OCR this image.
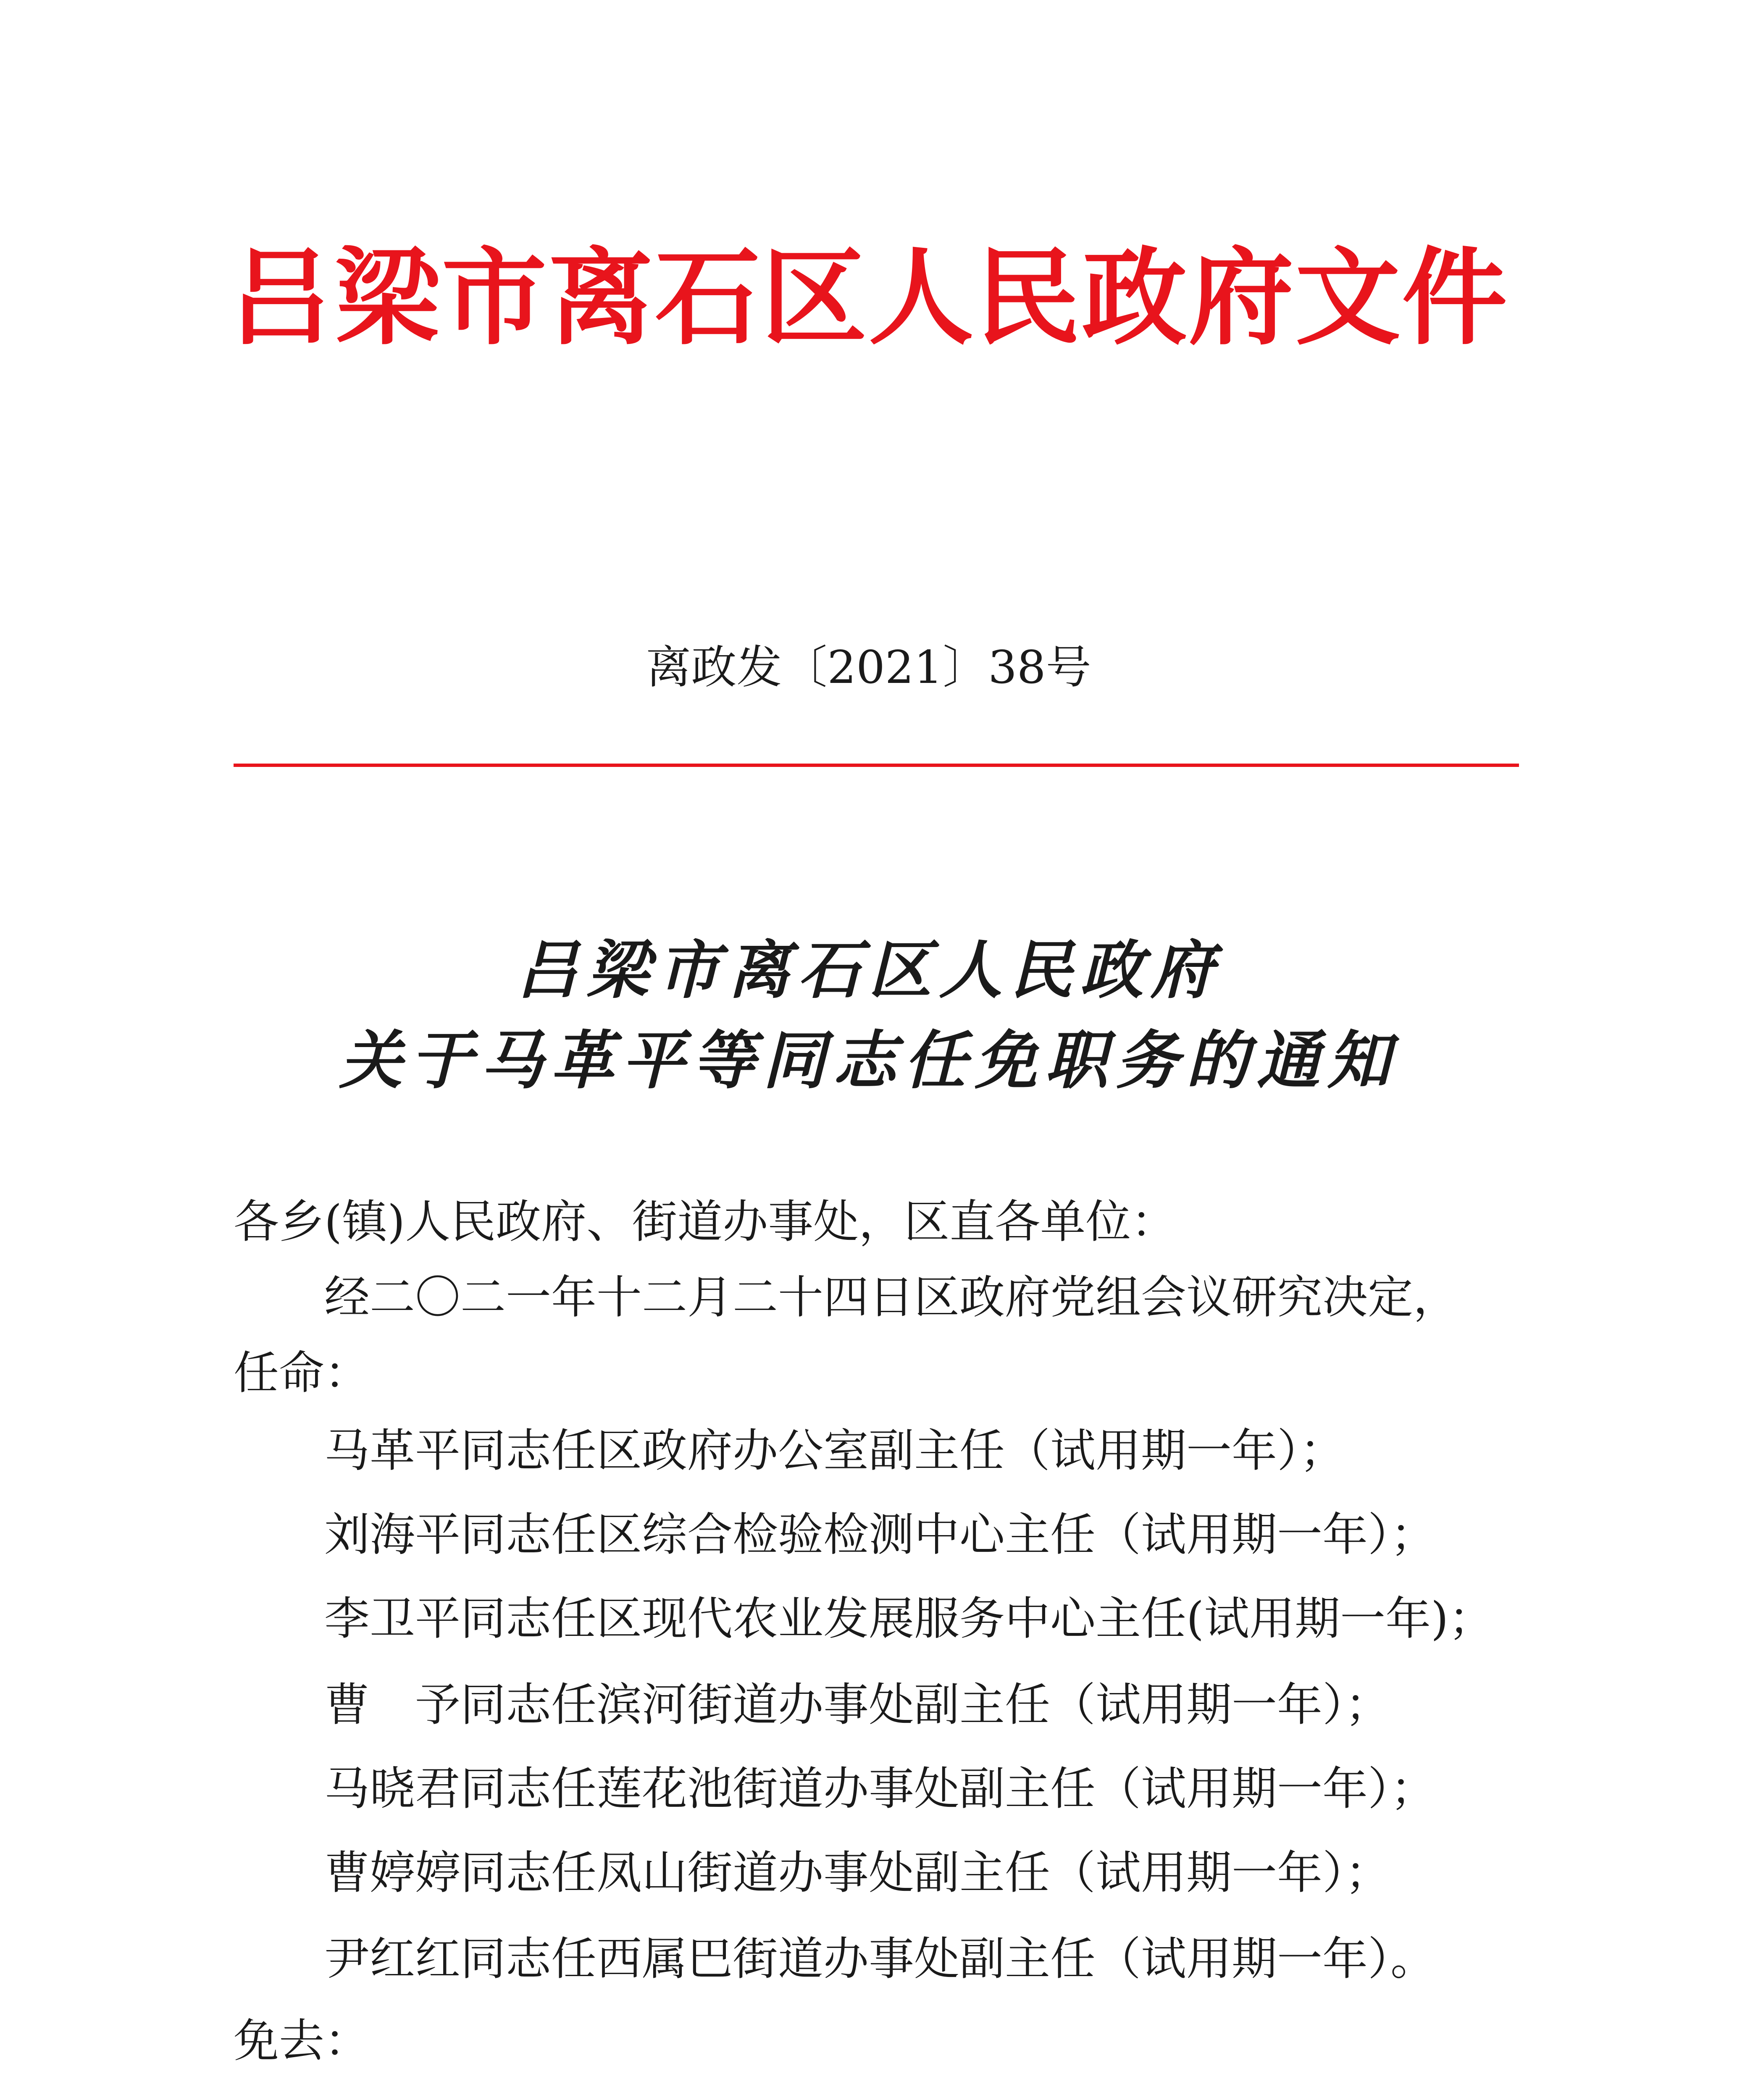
吕梁市离石区人民政府文件
离政发〔2021〕38号
吕梁市离石区人民政府
关于马革平等同志任免职务的通知
各乡(镇)人民政府、街道办事处，区直各单位：
经二〇二一年十二月二十四日区政府党组会议研究决定，
任命：
马革平同志任区政府办公室副主任（试用期一年）；
刘海平同志任区综合检验检测中心主任（试用期一年）；
李卫平同志任区现代农业发展服务中心主任(试用期一年)；
曹　予同志任滨河街道办事处副主任（试用期一年）；
马晓君同志任莲花池街道办事处副主任（试用期一年）；
曹婷婷同志任凤山街道办事处副主任（试用期一年）；
尹红红同志任西属巴街道办事处副主任（试用期一年）。
免去：
